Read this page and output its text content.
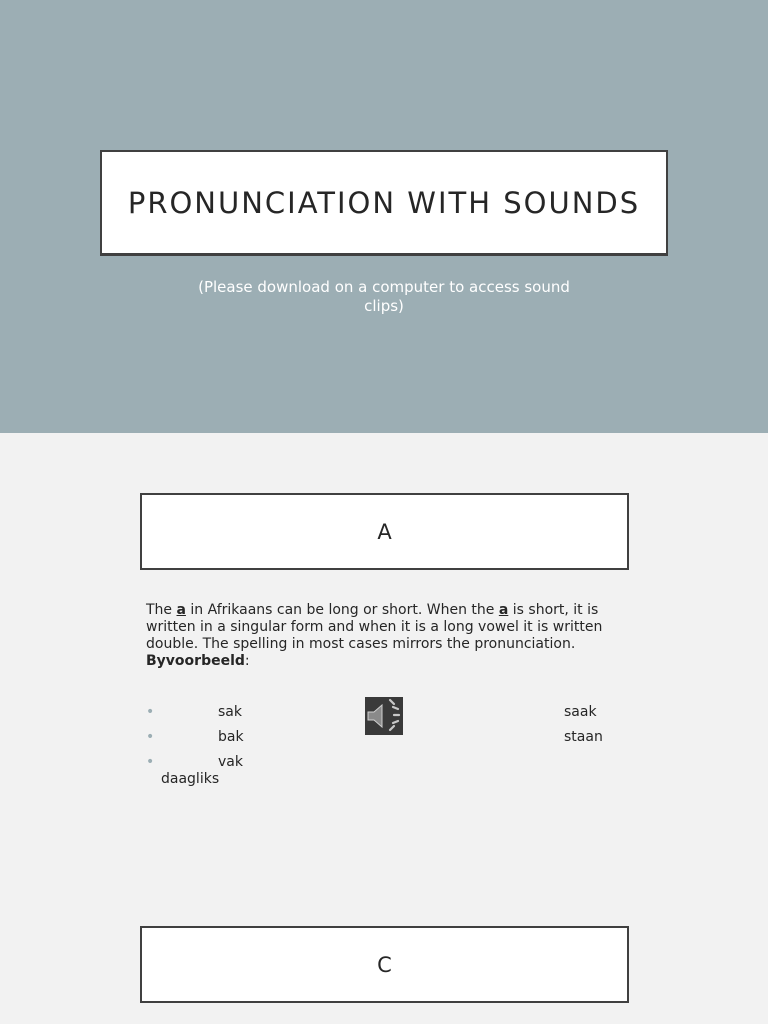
PRONUNCIATION WITH SOUNDS
(Please download on a computer to access sound clips)
A
The a in Afrikaans can be long or short. When the a is short, it is written in a singular form and when it is a long vowel it is written double. The spelling in most cases mirrors the pronunciation. Byvoorbeeld:
•	sak	saak
•	bak	staan
•	vak
daagliks
C
